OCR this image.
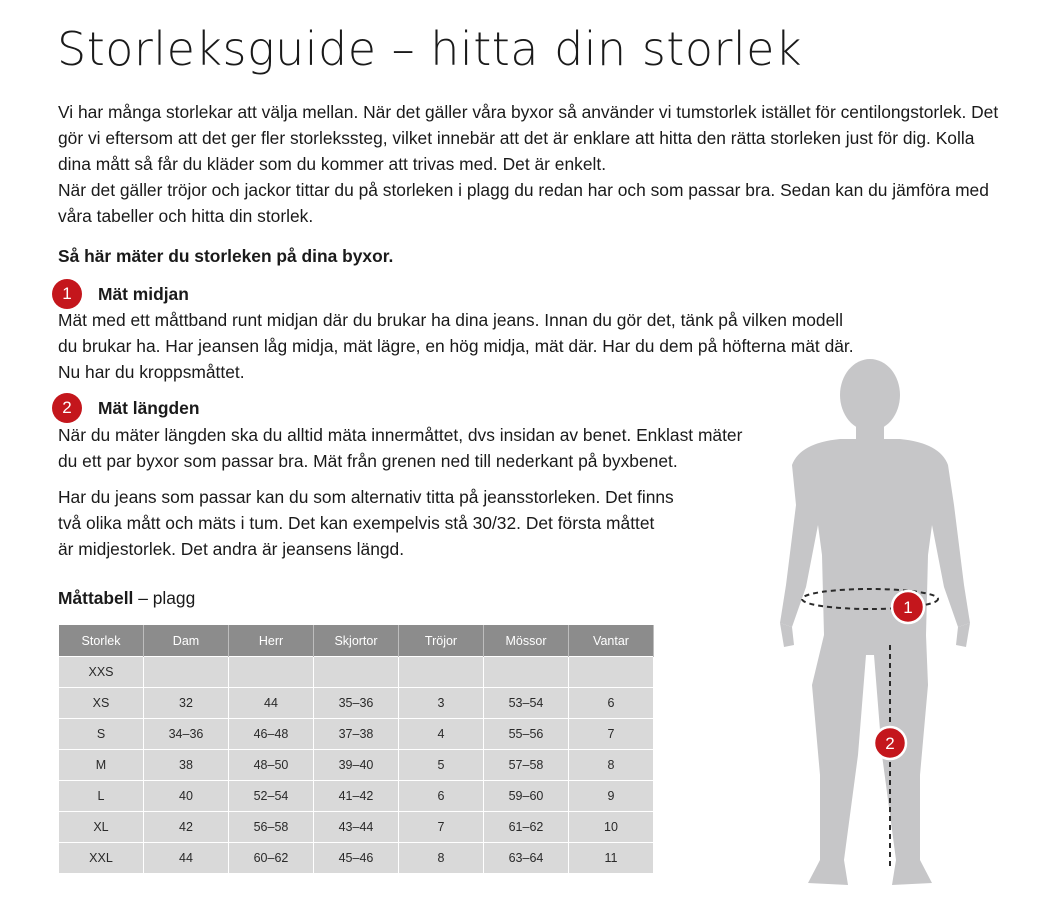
Storleksguide – hitta din storlek

Vi har många storlekar att välja mellan. När det gäller våra byxor så använder vi tumstorlek istället för centilongstorlek. Det gör vi eftersom att det ger fler storlekssteg, vilket innebär att det är enklare att hitta den rätta storleken just för dig. Kolla dina mått så får du kläder som du kommer att trivas med. Det är enkelt.

När det gäller tröjor och jackor tittar du på storleken i plagg du redan har och som passar bra. Sedan kan du jämföra med våra tabeller och hitta din storlek.

Så här mäter du storleken på dina byxor.
1	Mät midjan

Mät med ett måttband runt midjan där du brukar ha dina jeans. Innan du gör det, tänk på vilken modell

du brukar ha. Har jeansen låg midja, mät lägre, en hög midja, mät där. Har du dem på höfterna mät där.

Nu har du kroppsmåttet.

2	Mät längden

När du mäter längden ska du alltid mäta innermåttet, dvs insidan av benet. Enklast mäter

du ett par byxor som passar bra. Mät från grenen ned till nederkant på byxbenet.

Har du jeans som passar kan du som alternativ titta på jeansstorleken. Det finns

två olika mått och mäts i tum. Det kan exempelvis stå 30/32. Det första måttet

är midjestorlek. Det andra är jeansens längd.

Måttabell – plagg
Storlek	Dam	Herr	Skjortor	Tröjor	Mössor	Vantar
XXS						
XS	32	44	35–36	3	53–54	6
S	34–36	46–48	37–38	4	55–56	7
M	38	48–50	39–40	5	57–58	8
L	40	52–54	41–42	6	59–60	9
XL	42	56–58	43–44	7	61–62	10
XXL	44	60–62	45–46	8	63–64	11
1
2
